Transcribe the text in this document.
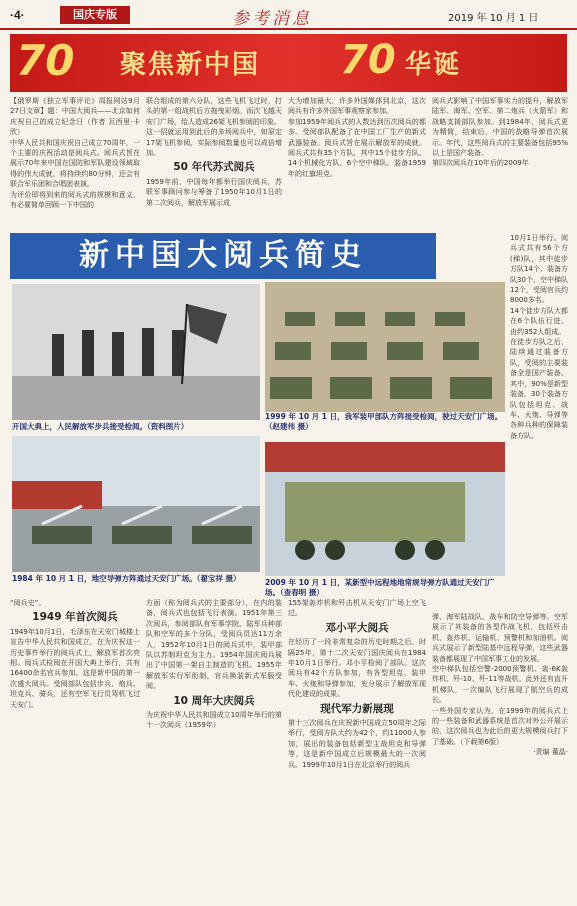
·4·	国庆专版	参考消息	2019 年 10 月 1 日
70 聚焦新中国 70 华诞

【俄罗斯《独立军事评论》周报网站9月27日文章】题：中国大阅兵——北京如何庆祝自己的成立纪念日（作者 瓦西里·卡欣）

中华人民共和国庆祝自己成立70周年，一个主要的庆祝活动是阅兵式。阅兵式旨在展示70年来中国在国防和军队建设领域取得的伟大成就，将持续约80分钟，还会有联合军乐团和合唱团表演。

为评价即将到来的阅兵式的规模和意义，有必要简单回顾一下中国的

联合组成的第六分队，这些飞机飞过时，打头的第一组战机后方拖曳彩烟。而次飞越天安门广场，给人造成26架飞机参阅的印象。

这一招就运用到此后的多场阅兵中，如原定17架飞机参阅，实际参阅数量也可以成倍增加。

50 年代苏式阅兵

1959年前，中国每年都举行国庆阅兵，苏联军事顾问参与筹备了1950年10月1日的第二次阅兵，解放军展示成

大为增加最大，许多外国媒体到北京，这次阅兵有许多外国军事观察家参加。

参加1959年阅兵式的人数达到历次阅兵的都多。受阅部队配备了在中国工厂生产的新式武器装备。阅兵式旨在展示解放军的成就。阅兵式共有35个方队，其中15个徒步方队、14个机械化方队，6个空中梯队。装备1959年的红旗坦克。

阅兵式影响了中国军事实力的提升，解放军陆军、海军、空军、第二炮兵（火箭军）和战略支援部队参加。到1984年，阅兵式更为精简，结束后，中国的战略导弹首次展示。年代，这些阅兵式的主要装备包括95%以上是国产装备。

第四次阅兵在10年后的2009年

新中国大阅兵简史	10月1日举行。阅兵式共有56个方(梯)队，其中徒步方队14个、装备方队30个、空中梯队12个，受阅官兵约8000多名。

14个徒步方队大都在6个队伍行进，由约352人组成。

在徒步方队之后，陆续通过装备方队，受阅的主要装备全是国产装备。其中，90%是新型装备，30个装备方队包括坦克、战车、火炮、导弹等各种兵种的保障装备方队。

开国大典上，人民解放军步兵接受检阅。（资料图片）
1999 年 10 月 1 日，我军装甲部队方阵接受检阅，驶过天安门广场。（赵建伟 摄）
1984 年 10 月 1 日，地空导弹方阵通过天安门广场。（翟宝祥 摄）	2009 年 10 月 1 日，某新型中远程地地常规导弹方队通过天安门广场。（查春明 摄）

“阅兵史”。

1949 年首次阅兵

1949年10月1日，毛泽东在天安门城楼上宣告中华人民共和国成立，在为庆祝这一历史事件举行的阅兵式上，解放军首次亮相。阅兵式检阅在开国大典上举行，共有16400余名官兵参加。这是新中国的第一次盛大阅兵。受阅部队包括步兵、炮兵、坦克兵、骑兵，还有空军飞行员驾机飞过天安门。

方面（称为阅兵式的主要部分），在内的装备，阅兵式也包括飞行表演。1951年第三次阅兵，参阅部队有军事学院、陆军兵种部队和空军的多个分队，受阅兵员达11万余人，1952年10月1日的阅兵式中，装甲部队以苏制坦克为主力。1954年国庆阅兵展出了中国第一架自主制造的飞机。1955年解放军实行军衔制，官兵换装新式军服受阅。

10 周年大庆阅兵

为庆祝中华人民共和国成立10周年举行的第十一次阅兵（1959年）

155架轰炸机和歼击机从天安门广场上空飞过。

邓小平大阅兵

在经历了一段非常复杂的历史时期之后，时隔25年，第十二次天安门国庆阅兵在1984年10月1日举行。邓小平检阅了部队。这次阅兵有42个方队参加，有各型坦克、装甲车、火炮和导弹参加，充分展示了解放军现代化建设的成果。

现代军力新展现

第十三次阅兵在庆祝新中国成立50周年之际举行，受阅方队大约为42个，约11000人参加，展出的装备包括新型主战坦克和导弹等，这是新中国成立后规模最大的一次阅兵。1999年10月1日在北京举行的阅兵

弹、海军陆战队、战车和防空导弹等。空军展示了其装备的各型作战飞机，包括歼击机、轰炸机、运输机、预警机和加油机。阅兵式展示了新型陆基中远程导弹，这些武器装备都展现了中国军事工业的发展。

空中梯队包括空警-2000预警机、轰-6K轰炸机、歼-10、歼-11等战机。此外还有直升机梯队，一次编队飞行展现了航空兵的成长。

一些外国专家认为，在1999年的阅兵式上的一些装备和武器系统是首次对外公开展示的，这次阅兵也为此后的更大规模阅兵打下了基础。（下载第6版）

·责编 董晶·
